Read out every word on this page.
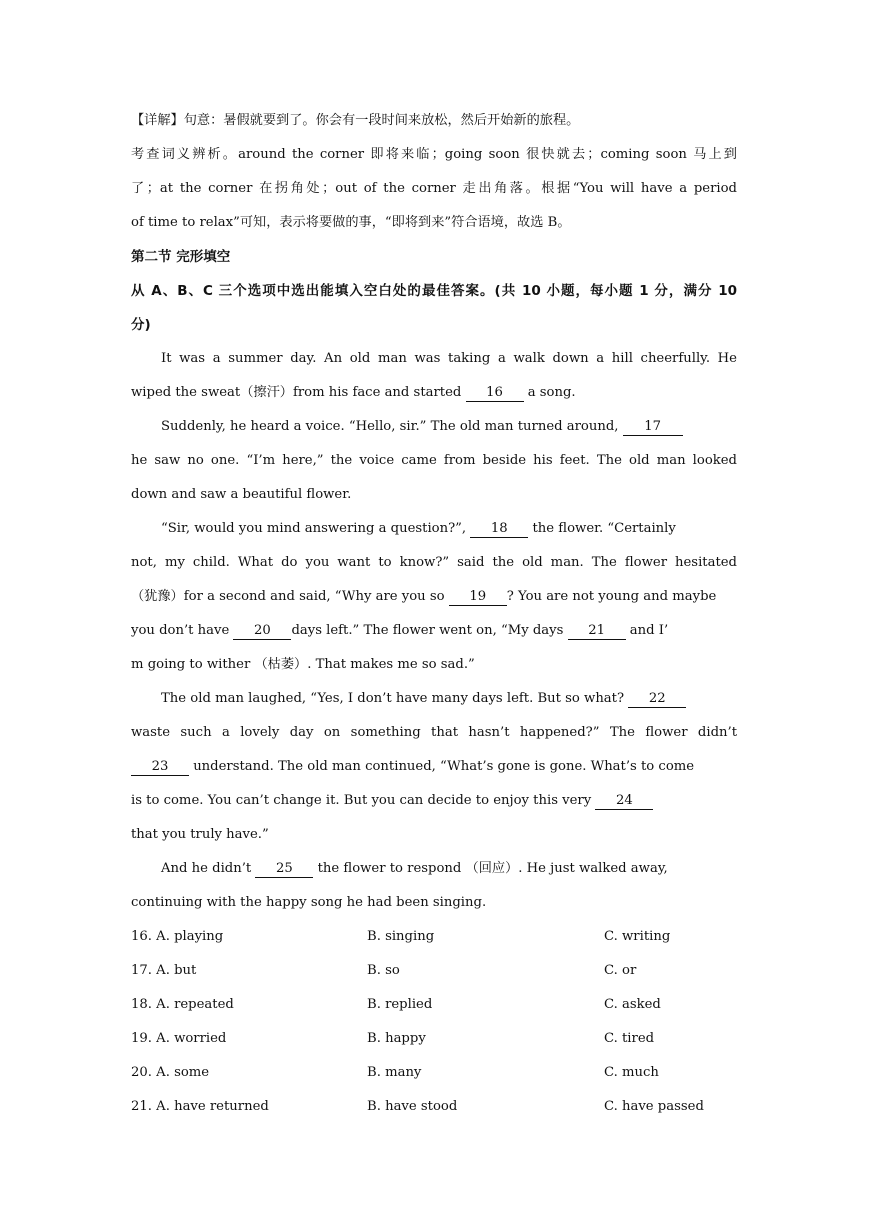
【详解】句意：暑假就要到了。你会有一段时间来放松，然后开始新的旅程。
考查词义辨析。around the corner 即将来临；going soon 很快就去；coming soon 马上到
了；at the corner 在拐角处；out of the corner 走出角落。根据“You will have a period
of time to relax”可知，表示将要做的事，“即将到来”符合语境，故选 B。
第二节 完形填空
从 A、B、C 三个选项中选出能填入空白处的最佳答案。(共 10 小题，每小题 1 分，满分 10
分)
It was a summer day. An old man was taking a walk down a hill cheerfully. He
wiped the sweat（擦汗）from his face and started 16 a song.
Suddenly, he heard a voice. “Hello, sir.” The old man turned around, 17
he saw no one. “I’m here,” the voice came from beside his feet. The old man looked
down and saw a beautiful flower.
“Sir, would you mind answering a question?”, 18 the flower. “Certainly
not, my child. What do you want to know?” said the old man. The flower hesitated
（犹豫）for a second and said, “Why are you so 19 ? You are not young and maybe
you don’t have 20 days left.” The flower went on, “My days 21 and I’
m going to wither （枯萎）. That makes me so sad.”
The old man laughed, “Yes, I don’t have many days left. But so what? 22
waste such a lovely day on something that hasn’t happened?” The flower didn’t
23 understand. The old man continued, “What’s gone is gone. What’s to come
is to come. You can’t change it. But you can decide to enjoy this very 24
that you truly have.”
And he didn’t 25 the flower to respond （回应）. He just walked away,
continuing with the happy song he had been singing.
16. A. playing	B. singing	C. writing
17. A. but	B. so	C. or
18. A. repeated	B. replied	C. asked
19. A. worried	B. happy	C. tired
20. A. some	B. many	C. much
21. A. have returned	B. have stood	C. have passed
